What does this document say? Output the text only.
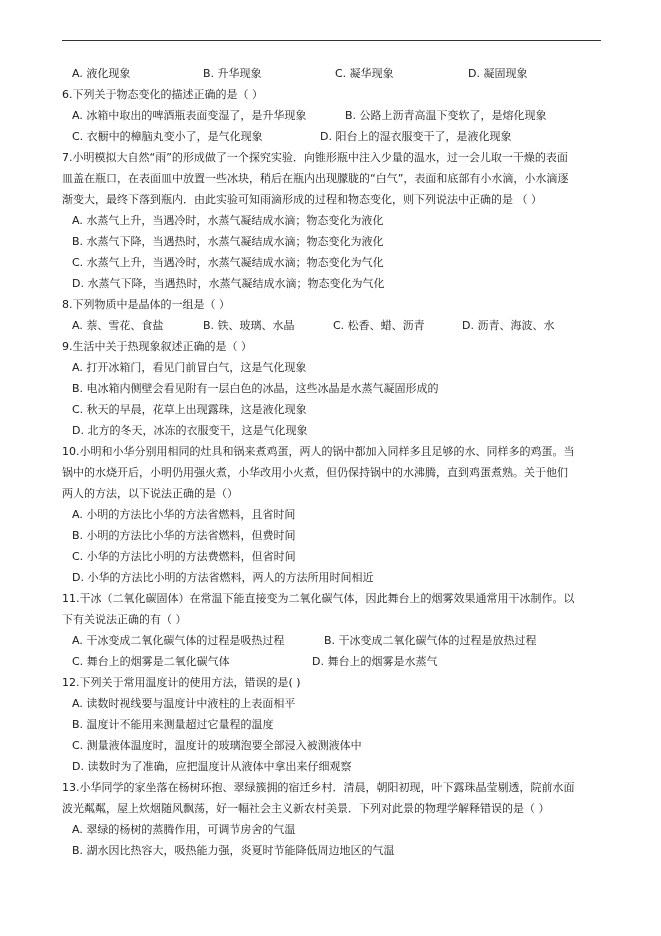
A. 液化现象	B. 升华现象	C. 凝华现象	D. 凝固现象
6.下列关于物态变化的描述正确的是（ ）
A. 冰箱中取出的啤酒瓶表面变湿了，是升华现象	B. 公路上沥青高温下变软了，是熔化现象
C. 衣橱中的樟脑丸变小了，是气化现象	D. 阳台上的湿衣服变干了，是液化现象
7.小明模拟大自然“雨”的形成做了一个探究实验．向锥形瓶中注入少量的温水，过一会儿取一干燥的表面
皿盖在瓶口，在表面皿中放置一些冰块，稍后在瓶内出现朦胧的“白气”，表面和底部有小水滴，小水滴逐
渐变大，最终下落到瓶内．由此实验可知雨滴形成的过程和物态变化，则下列说法中正确的是 （ ）
A. 水蒸气上升，当遇冷时，水蒸气凝结成水滴；物态变化为液化
B. 水蒸气下降，当遇热时，水蒸气凝结成水滴；物态变化为液化
C. 水蒸气上升，当遇冷时，水蒸气凝结成水滴；物态变化为气化
D. 水蒸气下降，当遇热时，水蒸气凝结成水滴；物态变化为气化
8.下列物质中是晶体的一组是（ ）
A. 萘、雪花、食盐	B. 铁、玻璃、水晶	C. 松香、蜡、沥青	D. 沥青、海波、水
9.生活中关于热现象叙述正确的是（ ）
A. 打开冰箱门，看见门前冒白气，这是气化现象
B. 电冰箱内侧壁会看见附有一层白色的冰晶，这些冰晶是水蒸气凝固形成的
C. 秋天的早晨，花草上出现露珠，这是液化现象
D. 北方的冬天，冰冻的衣服变干，这是气化现象
10.小明和小华分别用相同的灶具和锅来煮鸡蛋，两人的锅中都加入同样多且足够的水、同样多的鸡蛋。当
锅中的水烧开后，小明仍用强火煮，小华改用小火煮，但仍保持锅中的水沸腾，直到鸡蛋煮熟。关于他们
两人的方法，以下说法正确的是（）
A. 小明的方法比小华的方法省燃料，且省时间
B. 小明的方法比小华的方法省燃料，但费时间
C. 小华的方法比小明的方法费燃料，但省时间
D. 小华的方法比小明的方法省燃料，两人的方法所用时间相近
11.干冰（二氧化碳固体）在常温下能直接变为二氧化碳气体，因此舞台上的烟雾效果通常用干冰制作。以
下有关说法正确的有（ ）
A. 干冰变成二氧化碳气体的过程是吸热过程	B. 干冰变成二氧化碳气体的过程是放热过程
C. 舞台上的烟雾是二氧化碳气体	D. 舞台上的烟雾是水蒸气
12.下列关于常用温度计的使用方法，错误的是( )
A. 读数时视线要与温度计中液柱的上表面相平
B. 温度计不能用来测量超过它量程的温度
C. 测量液体温度时，温度计的玻璃泡要全部浸入被测液体中
D. 读数时为了准确，应把温度计从液体中拿出来仔细观察
13.小华同学的家坐落在杨树环抱、翠绿簇拥的宿迁乡村．清晨，朝阳初现，叶下露珠晶莹剔透，院前水面
波光粼粼，屋上炊烟随风飘荡，好一幅社会主义新农村美景．下列对此景的物理学解释错误的是（ ）
A. 翠绿的杨树的蒸腾作用，可调节房舍的气温
B. 湖水因比热容大，吸热能力强，炎夏时节能降低周边地区的气温
